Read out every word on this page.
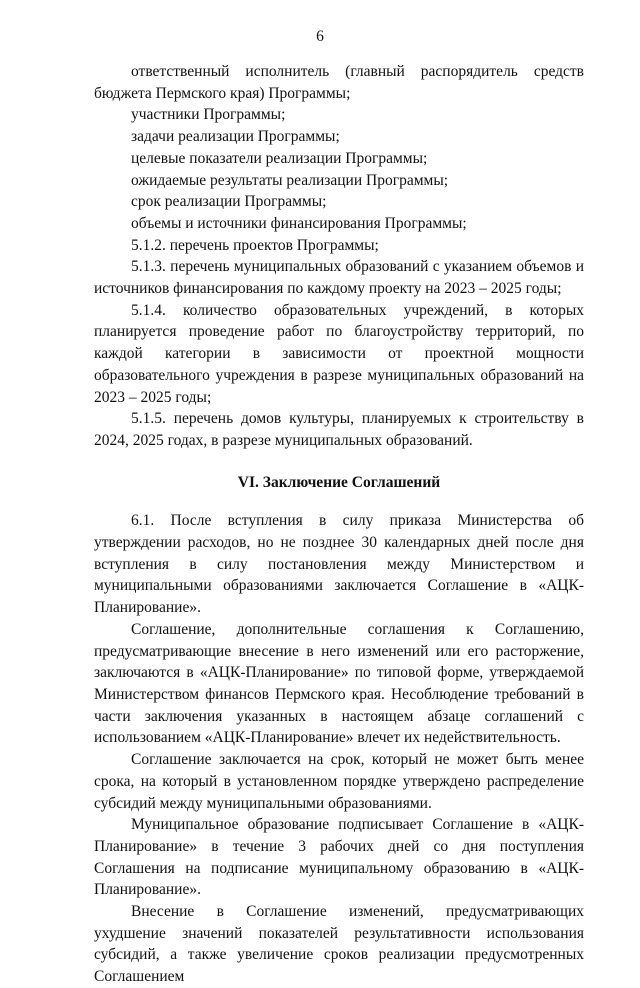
6

ответственный исполнитель (главный распорядитель средств бюджета Пермского края) Программы;

участники Программы;

задачи реализации Программы;

целевые показатели реализации Программы;

ожидаемые результаты реализации Программы;

срок реализации Программы;

объемы и источники финансирования Программы;

5.1.2. перечень проектов Программы;

5.1.3. перечень муниципальных образований с указанием объемов и источников финансирования по каждому проекту на 2023 – 2025 годы;

5.1.4. количество образовательных учреждений, в которых планируется проведение работ по благоустройству территорий, по каждой категории в зависимости от проектной мощности образовательного учреждения в разрезе муниципальных образований на 2023 – 2025 годы;

5.1.5. перечень домов культуры, планируемых к строительству в 2024, 2025 годах, в разрезе муниципальных образований.

VI. Заключение Соглашений

6.1. После вступления в силу приказа Министерства об утверждении расходов, но не позднее 30 календарных дней после дня вступления в силу постановления между Министерством и муниципальными образованиями заключается Соглашение в «АЦК-Планирование».

Соглашение, дополнительные соглашения к Соглашению, предусматривающие внесение в него изменений или его расторжение, заключаются в «АЦК-Планирование» по типовой форме, утверждаемой Министерством финансов Пермского края. Несоблюдение требований в части заключения указанных в настоящем абзаце соглашений с использованием «АЦК-Планирование» влечет их недействительность.

Соглашение заключается на срок, который не может быть менее срока, на который в установленном порядке утверждено распределение субсидий между муниципальными образованиями.

Муниципальное образование подписывает Соглашение в «АЦК-Планирование» в течение 3 рабочих дней со дня поступления Соглашения на подписание муниципальному образованию в «АЦК-Планирование».

Внесение в Соглашение изменений, предусматривающих ухудшение значений показателей результативности использования субсидий, а также увеличение сроков реализации предусмотренных Соглашением
